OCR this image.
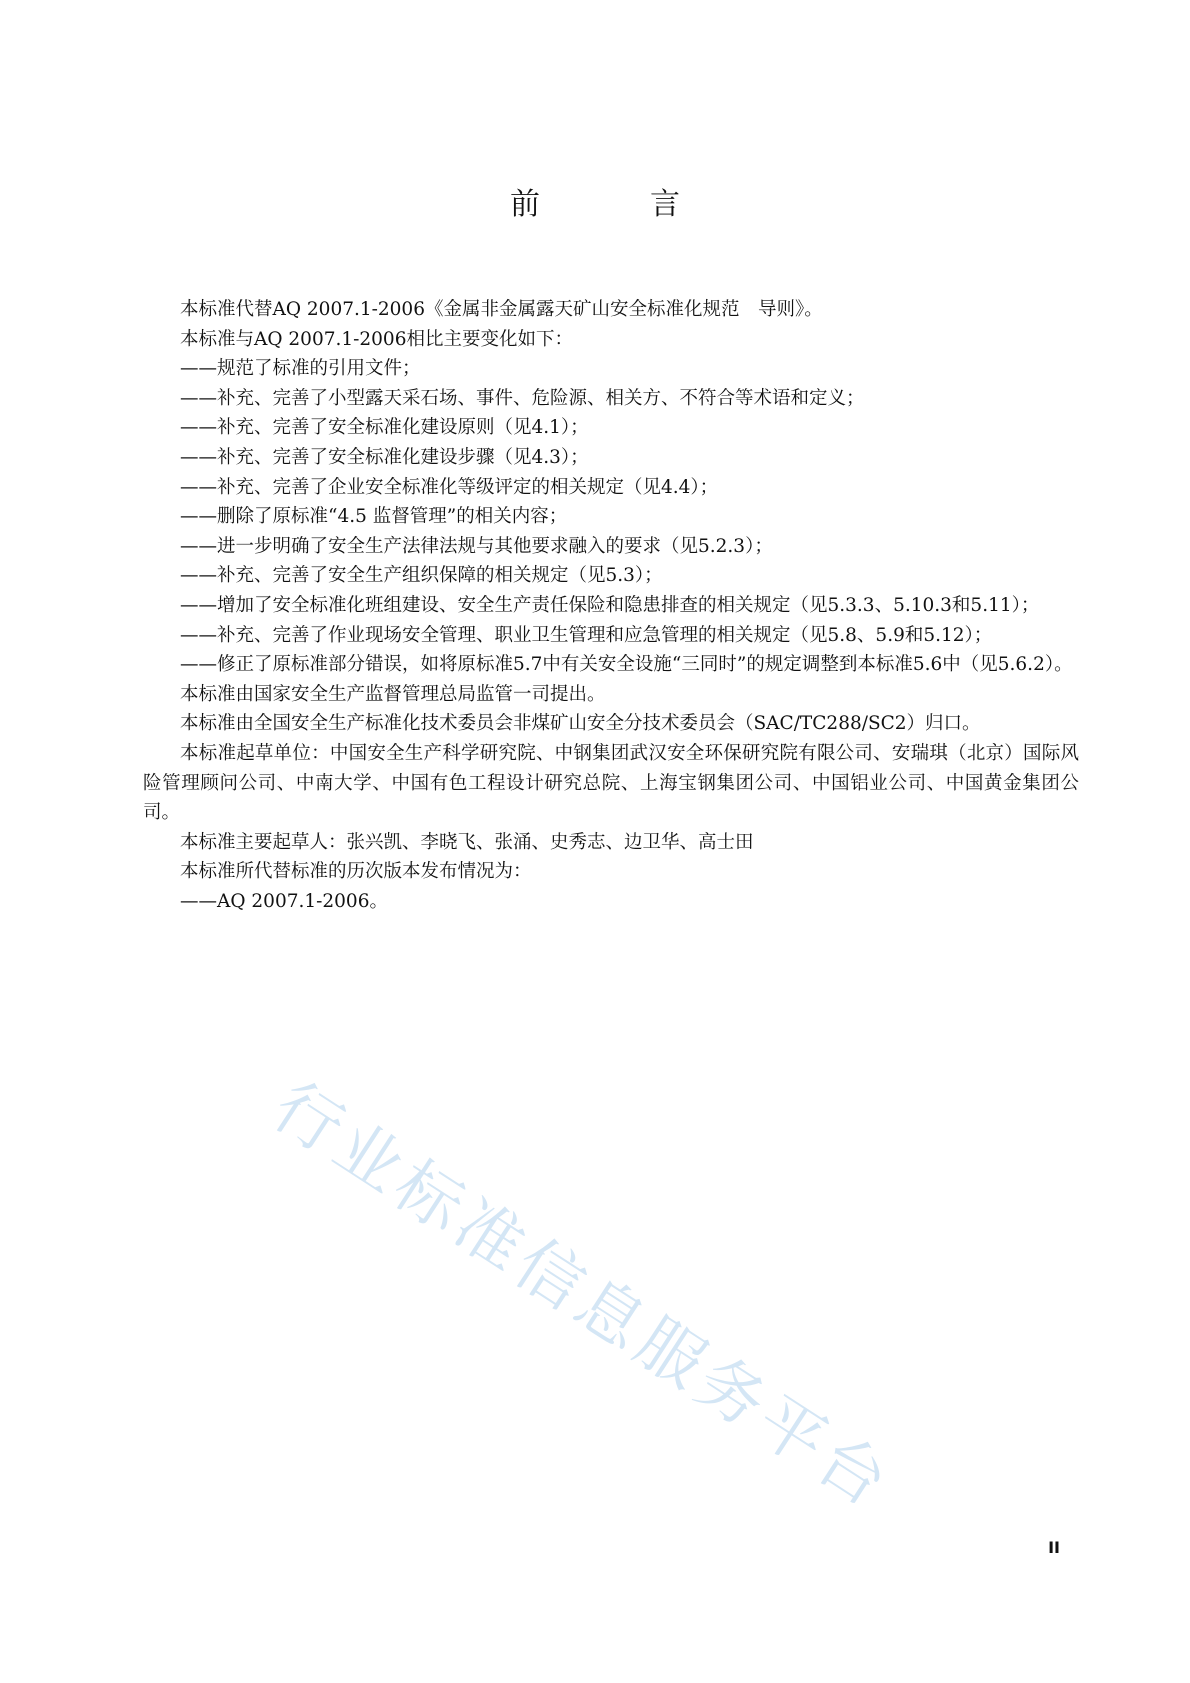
前　言

本标准代替AQ 2007.1-2006《金属非金属露天矿山安全标准化规范　导则》。

本标准与AQ 2007.1-2006相比主要变化如下：

——规范了标准的引用文件；

——补充、完善了小型露天采石场、事件、危险源、相关方、不符合等术语和定义；

——补充、完善了安全标准化建设原则（见4.1）；

——补充、完善了安全标准化建设步骤（见4.3）；

——补充、完善了企业安全标准化等级评定的相关规定（见4.4）；

——删除了原标准“4.5 监督管理”的相关内容；

——进一步明确了安全生产法律法规与其他要求融入的要求（见5.2.3）；

——补充、完善了安全生产组织保障的相关规定（见5.3）；

——增加了安全标准化班组建设、安全生产责任保险和隐患排查的相关规定（见5.3.3、5.10.3和5.11）；

——补充、完善了作业现场安全管理、职业卫生管理和应急管理的相关规定（见5.8、5.9和5.12）；

——修正了原标准部分错误，如将原标准5.7中有关安全设施“三同时”的规定调整到本标准5.6中（见5.6.2）。

本标准由国家安全生产监督管理总局监管一司提出。

本标准由全国安全生产标准化技术委员会非煤矿山安全分技术委员会（SAC/TC288/SC2）归口。

本标准起草单位：中国安全生产科学研究院、中钢集团武汉安全环保研究院有限公司、安瑞琪（北京）国际风险管理顾问公司、中南大学、中国有色工程设计研究总院、上海宝钢集团公司、中国铝业公司、中国黄金集团公司。

本标准主要起草人：张兴凯、李晓飞、张涌、史秀志、边卫华、高士田

本标准所代替标准的历次版本发布情况为：

——AQ 2007.1-2006。

行业标准信息服务平台
II
